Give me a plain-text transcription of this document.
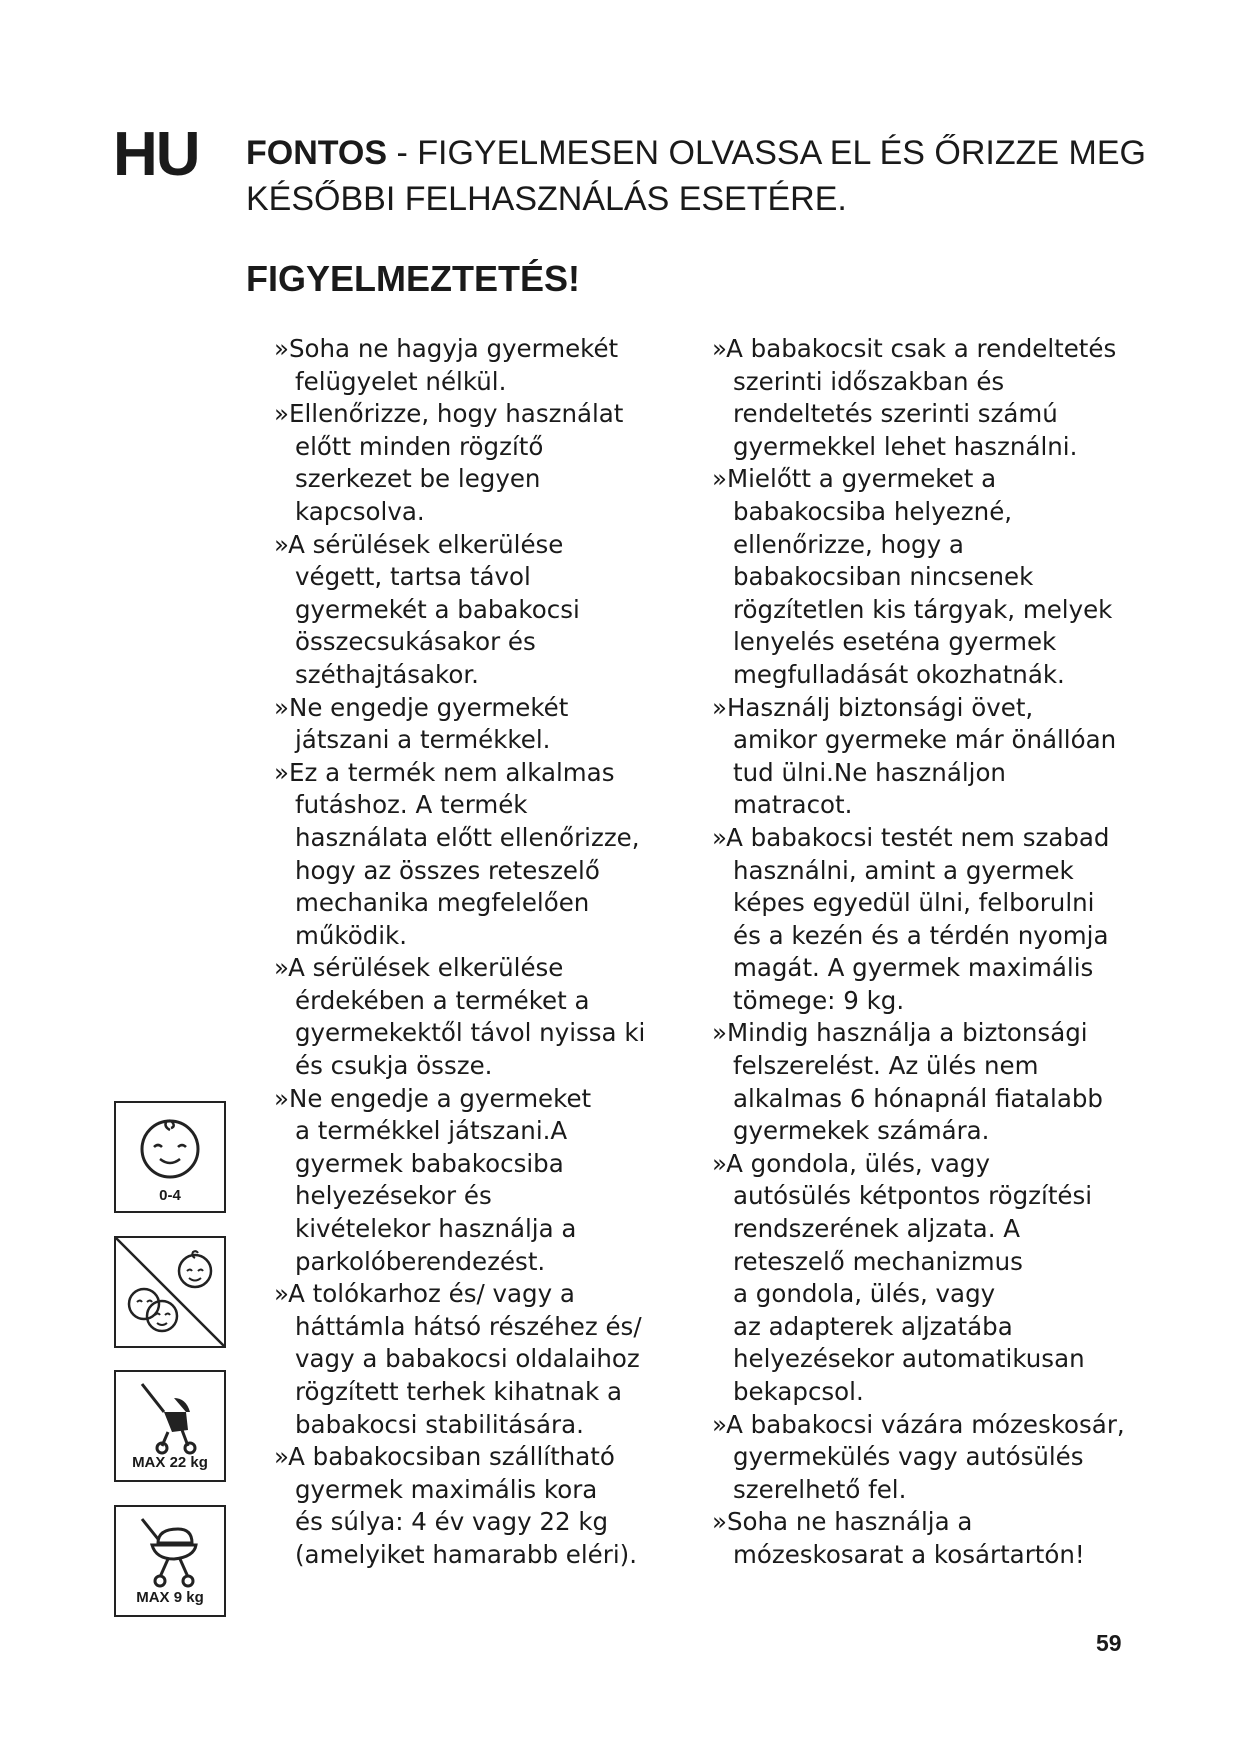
HU FONTOS - FIGYELMESEN OLVASSA EL ÉS ŐRIZZE MEG
KÉSŐBBI FELHASZNÁLÁS ESETÉRE.
FIGYELMEZTETÉS!
»Soha ne hagyja gyermekét
felügyelet nélkül.
»Ellenőrizze, hogy használat
előtt minden rögzítő
szerkezet be legyen
kapcsolva.
»A sérülések elkerülése
végett, tartsa távol
gyermekét a babakocsi
összecsukásakor és
széthajtásakor.
»Ne engedje gyermekét
játszani a termékkel.
»Ez a termék nem alkalmas
futáshoz. A termék
használata előtt ellenőrizze,
hogy az összes reteszelő
mechanika megfelelően
működik.
»A sérülések elkerülése
érdekében a terméket a
gyermekektől távol nyissa ki
és csukja össze.
»Ne engedje a gyermeket
a termékkel játszani.A
gyermek babakocsiba
helyezésekor és
kivételekor használja a
parkolóberendezést.
»A tolókarhoz és/ vagy a
háttámla hátsó részéhez és/
vagy a babakocsi oldalaihoz
rögzített terhek kihatnak a
babakocsi stabilitására.
»A babakocsiban szállítható
gyermek maximális kora
és súlya: 4 év vagy 22 kg
(amelyiket hamarabb eléri).
»A babakocsit csak a rendeltetés
szerinti időszakban és
rendeltetés szerinti számú
gyermekkel lehet használni.
»Mielőtt a gyermeket a
babakocsiba helyezné,
ellenőrizze, hogy a
babakocsiban nincsenek
rögzítetlen kis tárgyak, melyek
lenyelés eseténa gyermek
megfulladását okozhatnák.
»Használj biztonsági övet,
amikor gyermeke már önállóan
tud ülni.Ne használjon
matracot.
»A babakocsi testét nem szabad
használni, amint a gyermek
képes egyedül ülni, felborulni
és a kezén és a térdén nyomja
magát. A gyermek maximális
tömege: 9 kg.
»Mindig használja a biztonsági
felszerelést. Az ülés nem
alkalmas 6 hónapnál fiatalabb
gyermekek számára.
»A gondola, ülés, vagy
autósülés kétpontos rögzítési
rendszerének aljzata. A
reteszelő mechanizmus
a gondola, ülés, vagy
az adapterek aljzatába
helyezésekor automatikusan
bekapcsol.
»A babakocsi vázára mózeskosár,
gyermekülés vagy autósülés
szerelhető fel.
»Soha ne használja a
mózeskosarat a kosártartón!
0-4
MAX 22 kg
MAX 9 kg
59
